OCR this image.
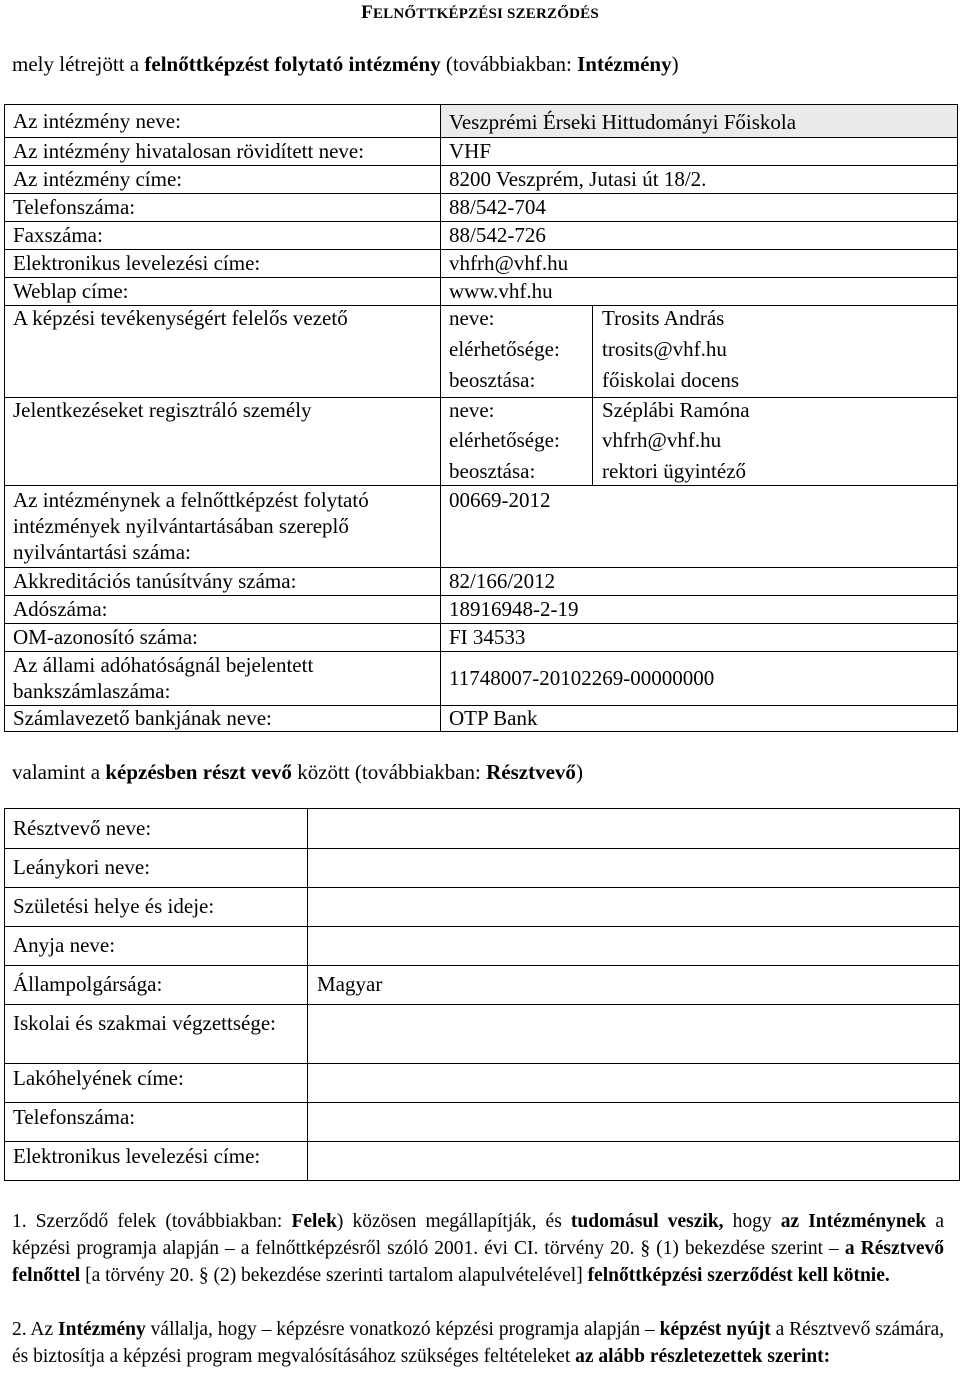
FELNŐTTKÉPZÉSI SZERZŐDÉS
mely létrejött a felnőttképzést folytató intézmény (továbbiakban: Intézmény)
Az intézmény neve:	Veszprémi Érseki Hittudományi Főiskola
Az intézmény hivatalosan rövidített neve:	VHF
Az intézmény címe:	8200 Veszprém, Jutasi út 18/2.
Telefonszáma:	88/542-704
Faxszáma:	88/542-726
Elektronikus levelezési címe:	vhfrh@vhf.hu
Weblap címe:	www.vhf.hu
A képzési tevékenységért felelős vezető	neve:	Trosits András
elérhetősége: trosits@vhf.hu
beosztása:	főiskolai docens
Jelentkezéseket regisztráló személy	neve:	Széplábi Ramóna
elérhetősége: vhfrh@vhf.hu
beosztása:	rektori ügyintéző
Az intézménynek a felnőttképzést folytató intézmények nyilvántartásában szereplő nyilvántartási száma:
00669-2012
Akkreditációs tanúsítvány száma:	82/166/2012
Adószáma:	18916948-2-19
OM-azonosító száma:	FI 34533
Az állami adóhatóságnál bejelentett bankszámlaszáma:
11748007-20102269-00000000
Számlavezető bankjának neve:	OTP Bank
valamint a képzésben részt vevő között (továbbiakban: Résztvevő)
Résztvevő neve:
Leánykori neve:
Születési helye és ideje:
Anyja neve:
Állampolgársága:	Magyar
Iskolai és szakmai végzettsége:
Lakóhelyének címe:
Telefonszáma:
Elektronikus levelezési címe:
1. Szerződő felek (továbbiakban: Felek) közösen megállapítják, és tudomásul veszik, hogy az Intézménynek a képzési programja alapján – a felnőttképzésről szóló 2001. évi CI. törvény 20. § (1) bekezdése szerint – a Résztvevő felnőttel [a törvény 20. § (2) bekezdése szerinti tartalom alapulvételével] felnőttképzési szerződést kell kötnie.
2. Az Intézmény vállalja, hogy – képzésre vonatkozó képzési programja alapján – képzést nyújt a Résztvevő számára, és biztosítja a képzési program megvalósításához szükséges feltételeket az alább részletezettek szerint:
